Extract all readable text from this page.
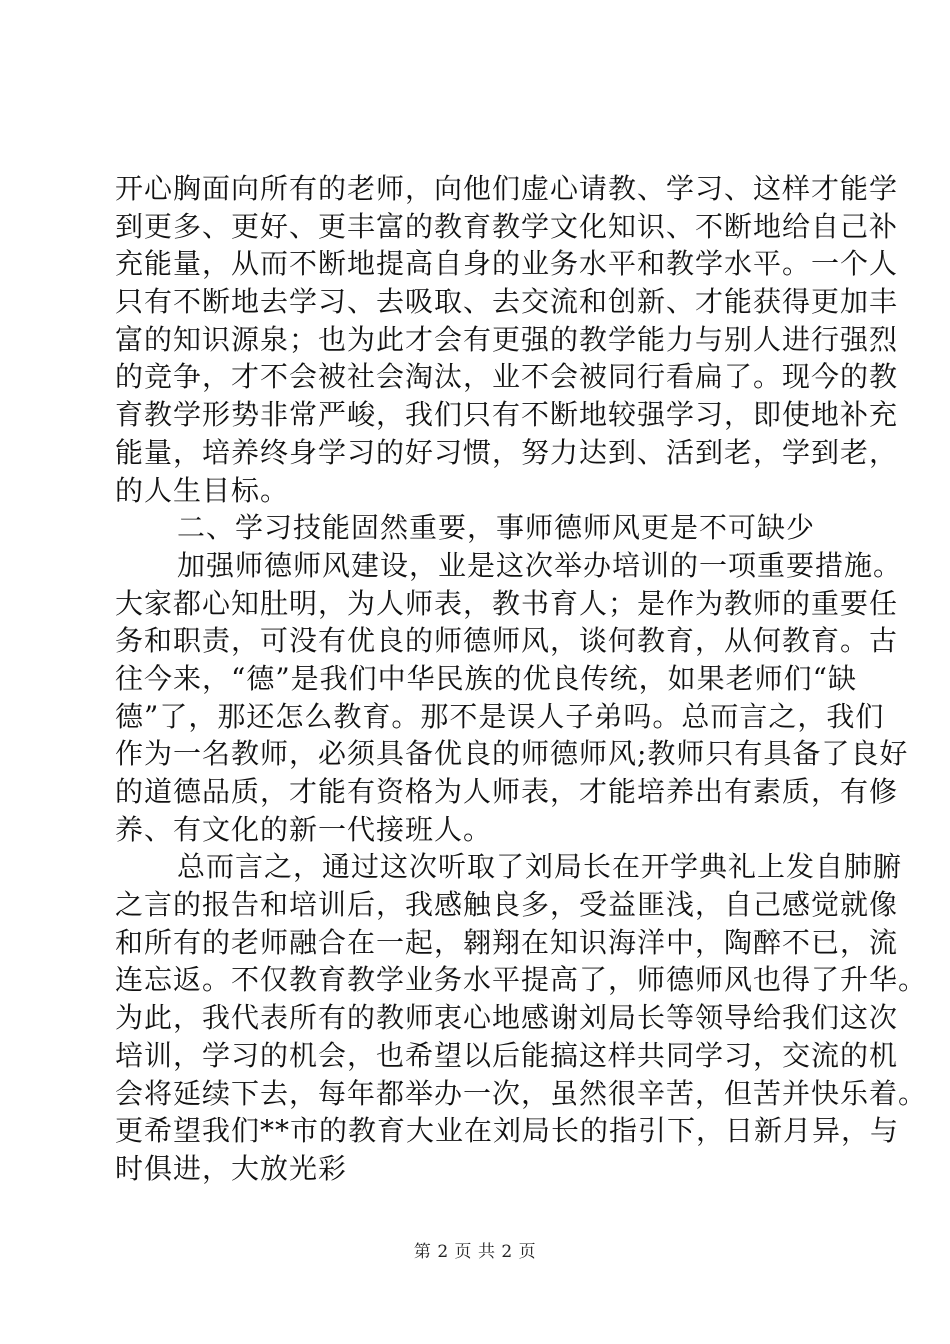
开心胸面向所有的老师，向他们虚心请教、学习、这样才能学
到更多、更好、更丰富的教育教学文化知识、不断地给自己补
充能量，从而不断地提高自身的业务水平和教学水平。一个人
只有不断地去学习、去吸取、去交流和创新、才能获得更加丰
富的知识源泉；也为此才会有更强的教学能力与别人进行强烈
的竞争，才不会被社会淘汰，业不会被同行看扁了。现今的教
育教学形势非常严峻，我们只有不断地较强学习，即使地补充
能量，培养终身学习的好习惯，努力达到、活到老，学到老，
的人生目标。
二、学习技能固然重要，事师德师风更是不可缺少
加强师德师风建设，业是这次举办培训的一项重要措施。
大家都心知肚明，为人师表，教书育人；是作为教师的重要任
务和职责，可没有优良的师德师风，谈何教育，从何教育。古
往今来，“德”是我们中华民族的优良传统，如果老师们“缺
德”了，那还怎么教育。那不是误人子弟吗。总而言之，我们
作为一名教师，必须具备优良的师德师风;教师只有具备了良好
的道德品质，才能有资格为人师表，才能培养出有素质，有修
养、有文化的新一代接班人。
总而言之，通过这次听取了刘局长在开学典礼上发自肺腑
之言的报告和培训后，我感触良多，受益匪浅，自己感觉就像
和所有的老师融合在一起，翱翔在知识海洋中，陶醉不已，流
连忘返。不仅教育教学业务水平提高了，师德师风也得了升华。
为此，我代表所有的教师衷心地感谢刘局长等领导给我们这次
培训，学习的机会，也希望以后能搞这样共同学习，交流的机
会将延续下去，每年都举办一次，虽然很辛苦，但苦并快乐着。
更希望我们**市的教育大业在刘局长的指引下，日新月异，与
时俱进，大放光彩
第 2 页 共 2 页
